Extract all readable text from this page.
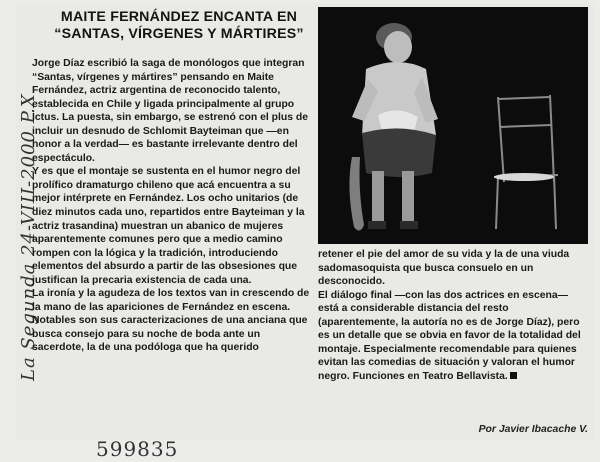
La Segunda 24-VIII-2000 P.X
MAITE FERNÁNDEZ ENCANTA EN
“SANTAS, VÍRGENES Y MÁRTIRES”

Jorge Díaz escribió la saga de monólogos que integran “Santas, vírgenes y mártires” pensando en Maite Fernández, actriz argentina de reconocido talento, establecida en Chile y ligada principalmente al grupo Ictus. La puesta, sin embargo, se estrenó con el plus de incluir un desnudo de Schlomit Bayteiman que —en honor a la verdad— es bastante irrelevante dentro del espectáculo.

Y es que el montaje se sustenta en el humor negro del prolífico dramaturgo chileno que acá encuentra a su mejor intérprete en Fernández. Los ocho unitarios (de diez minutos cada uno, repartidos entre Bayteiman y la actriz trasandina) muestran un abanico de mujeres aparentemente comunes pero que a medio camino rompen con la lógica y la tradición, introduciendo elementos del absurdo a partir de las obsesiones que justifican la precaria existencia de cada una.

La ironía y la agudeza de los textos van in crescendo de la mano de las apariciones de Fernández en escena. Notables son sus caracterizaciones de una anciana que busca consejo para su noche de boda ante un sacerdote, la de una podóloga que ha querido

retener el pie del amor de su vida y la de una viuda sadomasoquista que busca consuelo en un desconocido.

El diálogo final —con las dos actrices en escena— está a considerable distancia del resto (aparentemente, la autoría no es de Jorge Díaz), pero es un detalle que se obvia en favor de la totalidad del montaje. Especialmente recomendable para quienes evitan las comedias de situación y valoran el humor negro. Funciones en Teatro Bellavista.

Por Javier Ibacache V.
599835
